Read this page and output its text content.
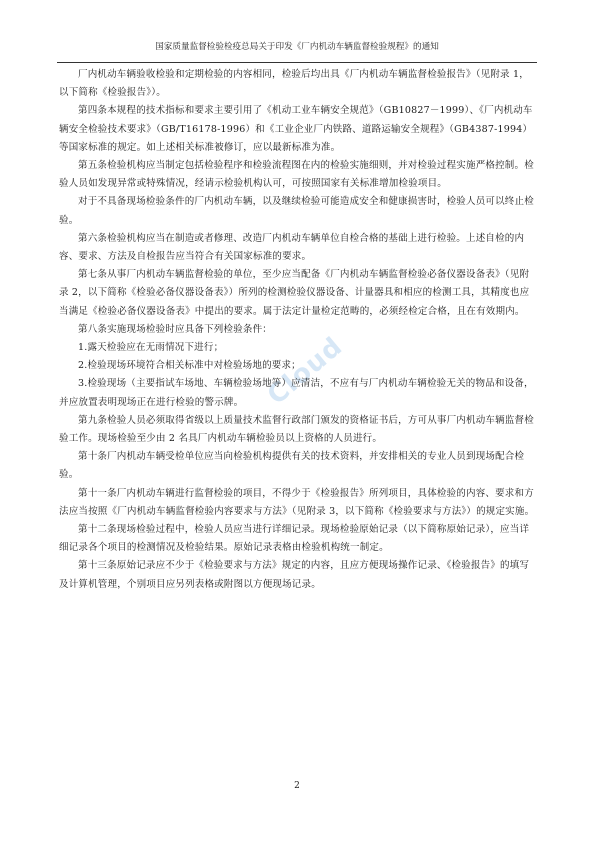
国家质量监督检验检疫总局关于印发《厂内机动车辆监督检验规程》的通知
Cloud

厂内机动车辆验收检验和定期检验的内容相同，检验后均出具《厂内机动车辆监督检验报告》（见附录 1，以下简称《检验报告》）。

第四条本规程的技术指标和要求主要引用了《机动工业车辆安全规范》（GB10827－1999）、《厂内机动车辆安全检验技术要求》（GB/T16178-1996）和《工业企业厂内铁路、道路运输安全规程》（GB4387-1994）等国家标准的规定。如上述相关标准被修订，应以最新标准为准。

第五条检验机构应当制定包括检验程序和检验流程图在内的检验实施细则，并对检验过程实施严格控制。检验人员如发现异常或特殊情况，经请示检验机构认可，可按照国家有关标准增加检验项目。

对于不具备现场检验条件的厂内机动车辆，以及继续检验可能造成安全和健康损害时，检验人员可以终止检验。

第六条检验机构应当在制造或者修理、改造厂内机动车辆单位自检合格的基础上进行检验。上述自检的内容、要求、方法及自检报告应当符合有关国家标准的要求。

第七条从事厂内机动车辆监督检验的单位，至少应当配备《厂内机动车辆监督检验必备仪器设备表》（见附录 2，以下简称《检验必备仪器设备表》）所列的检测检验仪器设备、计量器具和相应的检测工具，其精度也应当满足《检验必备仪器设备表》中提出的要求。属于法定计量检定范畴的，必须经检定合格，且在有效期内。

第八条实施现场检验时应具备下列检验条件：

1.露天检验应在无雨情况下进行；

2.检验现场环境符合相关标准中对检验场地的要求；

3.检验现场（主要指试车场地、车辆检验场地等）应清洁，不应有与厂内机动车辆检验无关的物品和设备，并应放置表明现场正在进行检验的警示牌。

第九条检验人员必须取得省级以上质量技术监督行政部门颁发的资格证书后，方可从事厂内机动车辆监督检验工作。现场检验至少由 2 名具厂内机动车辆检验员以上资格的人员进行。

第十条厂内机动车辆受检单位应当向检验机构提供有关的技术资料，并安排相关的专业人员到现场配合检验。

第十一条厂内机动车辆进行监督检验的项目，不得少于《检验报告》所列项目，具体检验的内容、要求和方法应当按照《厂内机动车辆监督检验内容要求与方法》（见附录 3，以下简称《检验要求与方法》）的规定实施。

第十二条现场检验过程中，检验人员应当进行详细记录。现场检验原始记录（以下简称原始记录），应当详细记录各个项目的检测情况及检验结果。原始记录表格由检验机构统一制定。

第十三条原始记录应不少于《检验要求与方法》规定的内容，且应方便现场操作记录、《检验报告》的填写及计算机管理，个别项目应另列表格或附图以方便现场记录。

2
